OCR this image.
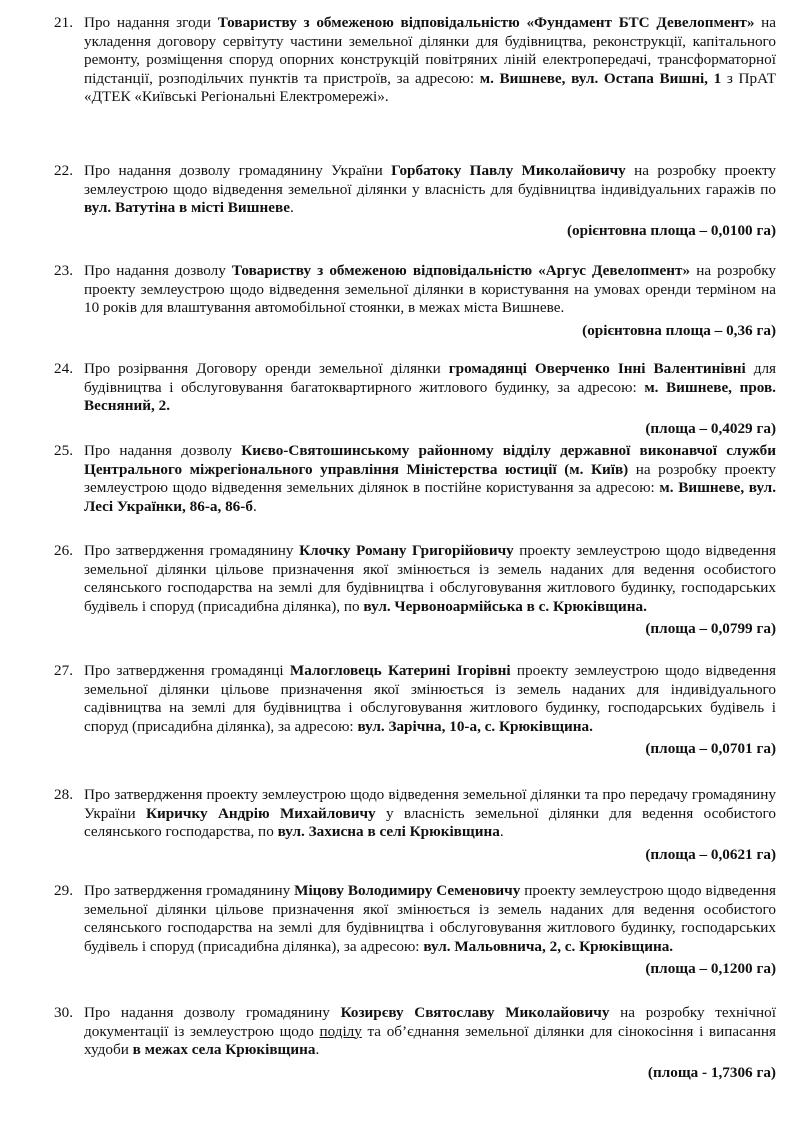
21. Про надання згоди Товариству з обмеженою відповідальністю «Фундамент БТС Девелопмент» на укладення договору сервітуту частини земельної ділянки для будівництва, реконструкції, капітального ремонту, розміщення споруд опорних конструкцій повітряних ліній електропередачі, трансформаторної підстанції, розподільчих пунктів та пристроїв, за адресою: м. Вишневе, вул. Остапа Вишні, 1 з ПрАТ «ДТЕК «Київські Регіональні Електромережі».
22. Про надання дозволу громадянину України Горбатоку Павлу Миколайовичу на розробку проекту землеустрою щодо відведення земельної ділянки у власність для будівництва індивідуальних гаражів по вул. Ватутіна в місті Вишневе.
(орієнтовна площа – 0,0100 га)
23. Про надання дозволу Товариству з обмеженою відповідальністю «Аргус Девелопмент» на розробку проекту землеустрою щодо відведення земельної ділянки в користування на умовах оренди терміном на 10 років для влаштування автомобільної стоянки, в межах міста Вишневе.
(орієнтовна площа – 0,36 га)
24. Про розірвання Договору оренди земельної ділянки громадянці Оверченко Інні Валентинівні для будівництва і обслуговування багатоквартирного житлового будинку, за адресою: м. Вишневе, пров. Весняний, 2.
(площа – 0,4029 га)
25. Про надання дозволу Києво-Святошинському районному відділу державної виконавчої служби Центрального міжрегіонального управління Міністерства юстиції (м. Київ) на розробку проекту землеустрою щодо відведення земельних ділянок в постійне користування за адресою: м. Вишневе, вул. Лесі Українки, 86-а, 86-б.
26. Про затвердження громадянину Клочку Роману Григорійовичу проекту землеустрою щодо відведення земельної ділянки цільове призначення якої змінюється із земель наданих для ведення особистого селянського господарства на землі для будівництва і обслуговування житлового будинку, господарських будівель і споруд (присадибна ділянка), по вул. Червоноармійська в с. Крюківщина.
(площа – 0,0799 га)
27. Про затвердження громадянці Малогловець Катерині Ігорівні проекту землеустрою щодо відведення земельної ділянки цільове призначення якої змінюється із земель наданих для індивідуального садівництва на землі для будівництва і обслуговування житлового будинку, господарських будівель і споруд (присадибна ділянка), за адресою: вул. Зарічна, 10-а, с. Крюківщина.
(площа – 0,0701 га)
28. Про затвердження проекту землеустрою щодо відведення земельної ділянки та про передачу громадянину України Киричку Андрію Михайловичу у власність земельної ділянки для ведення особистого селянського господарства, по вул. Захисна в селі Крюківщина.
(площа – 0,0621 га)
29. Про затвердження громадянину Міцову Володимиру Семеновичу проекту землеустрою щодо відведення земельної ділянки цільове призначення якої змінюється із земель наданих для ведення особистого селянського господарства на землі для будівництва і обслуговування житлового будинку, господарських будівель і споруд (присадибна ділянка), за адресою: вул. Мальовнича, 2, с. Крюківщина.
(площа – 0,1200 га)
30. Про надання дозволу громадянину Козирєву Святославу Миколайовичу на розробку технічної документації із землеустрою щодо поділу та об’єднання земельної ділянки для сінокосіння і випасання худоби в межах села Крюківщина.
(площа - 1,7306 га)
